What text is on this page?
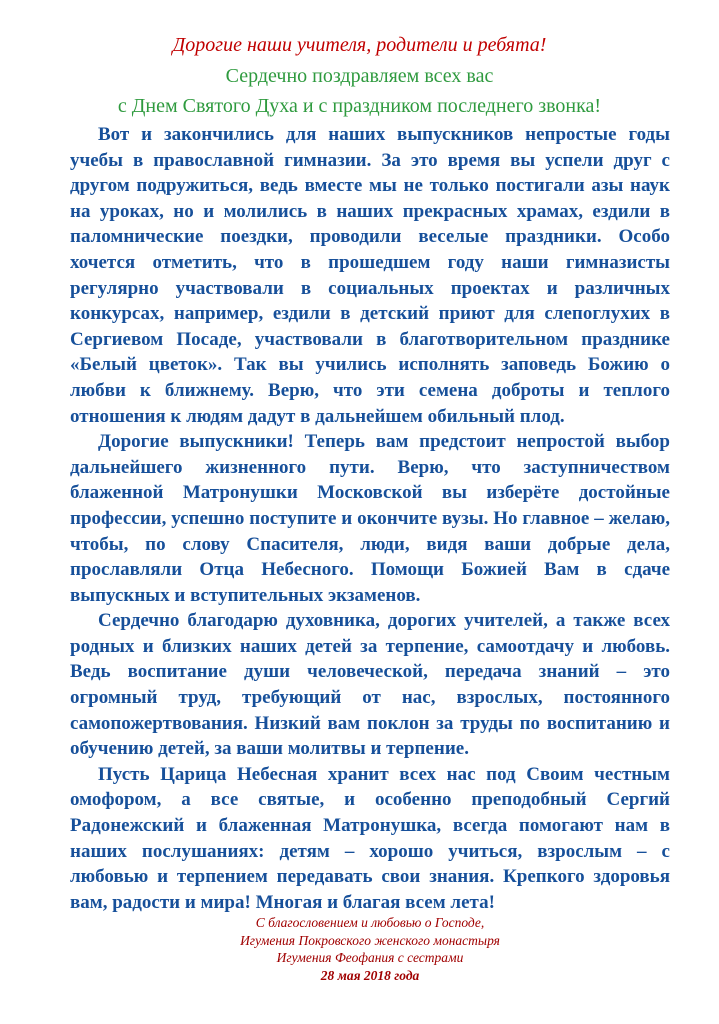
Дорогие наши учителя, родители и ребята!
Сердечно поздравляем всех вас
с Днем Святого Духа и с праздником последнего звонка!

Вот и закончились для наших выпускников непростые годы учебы в православной гимназии. За это время вы успели друг с другом подружиться, ведь вместе мы не только постигали азы наук на уроках, но и молились в наших прекрасных храмах, ездили в паломнические поездки, проводили веселые праздники. Особо хочется отметить, что в прошедшем году наши гимназисты регулярно участвовали в социальных проектах и различных конкурсах, например, ездили в детский приют для слепоглухих в Сергиевом Посаде, участвовали в благотворительном празднике «Белый цветок». Так вы учились исполнять заповедь Божию о любви к ближнему. Верю, что эти семена доброты и теплого отношения к людям дадут в дальнейшем обильный плод.

Дорогие выпускники! Теперь вам предстоит непростой выбор дальнейшего жизненного пути. Верю, что заступничеством блаженной Матронушки Московской вы изберёте достойные профессии, успешно поступите и окончите вузы. Но главное – желаю, чтобы, по слову Спасителя, люди, видя ваши добрые дела, прославляли Отца Небесного. Помощи Божией Вам в сдаче выпускных и вступительных экзаменов.

Сердечно благодарю духовника, дорогих учителей, а также всех родных и близких наших детей за терпение, самоотдачу и любовь. Ведь воспитание души человеческой, передача знаний – это огромный труд, требующий от нас, взрослых, постоянного самопожертвования. Низкий вам поклон за труды по воспитанию и обучению детей, за ваши молитвы и терпение.

Пусть Царица Небесная хранит всех нас под Своим честным омофором, а все святые, и особенно преподобный Сергий Радонежский и блаженная Матронушка, всегда помогают нам в наших послушаниях: детям – хорошо учиться, взрослым – с любовью и терпением передавать свои знания. Крепкого здоровья вам, радости и мира! Многая и благая всем лета!

С благословением и любовью о Господе,
Игумения Покровского женского монастыря
Игумения Феофания с сестрами
28 мая 2018 года
